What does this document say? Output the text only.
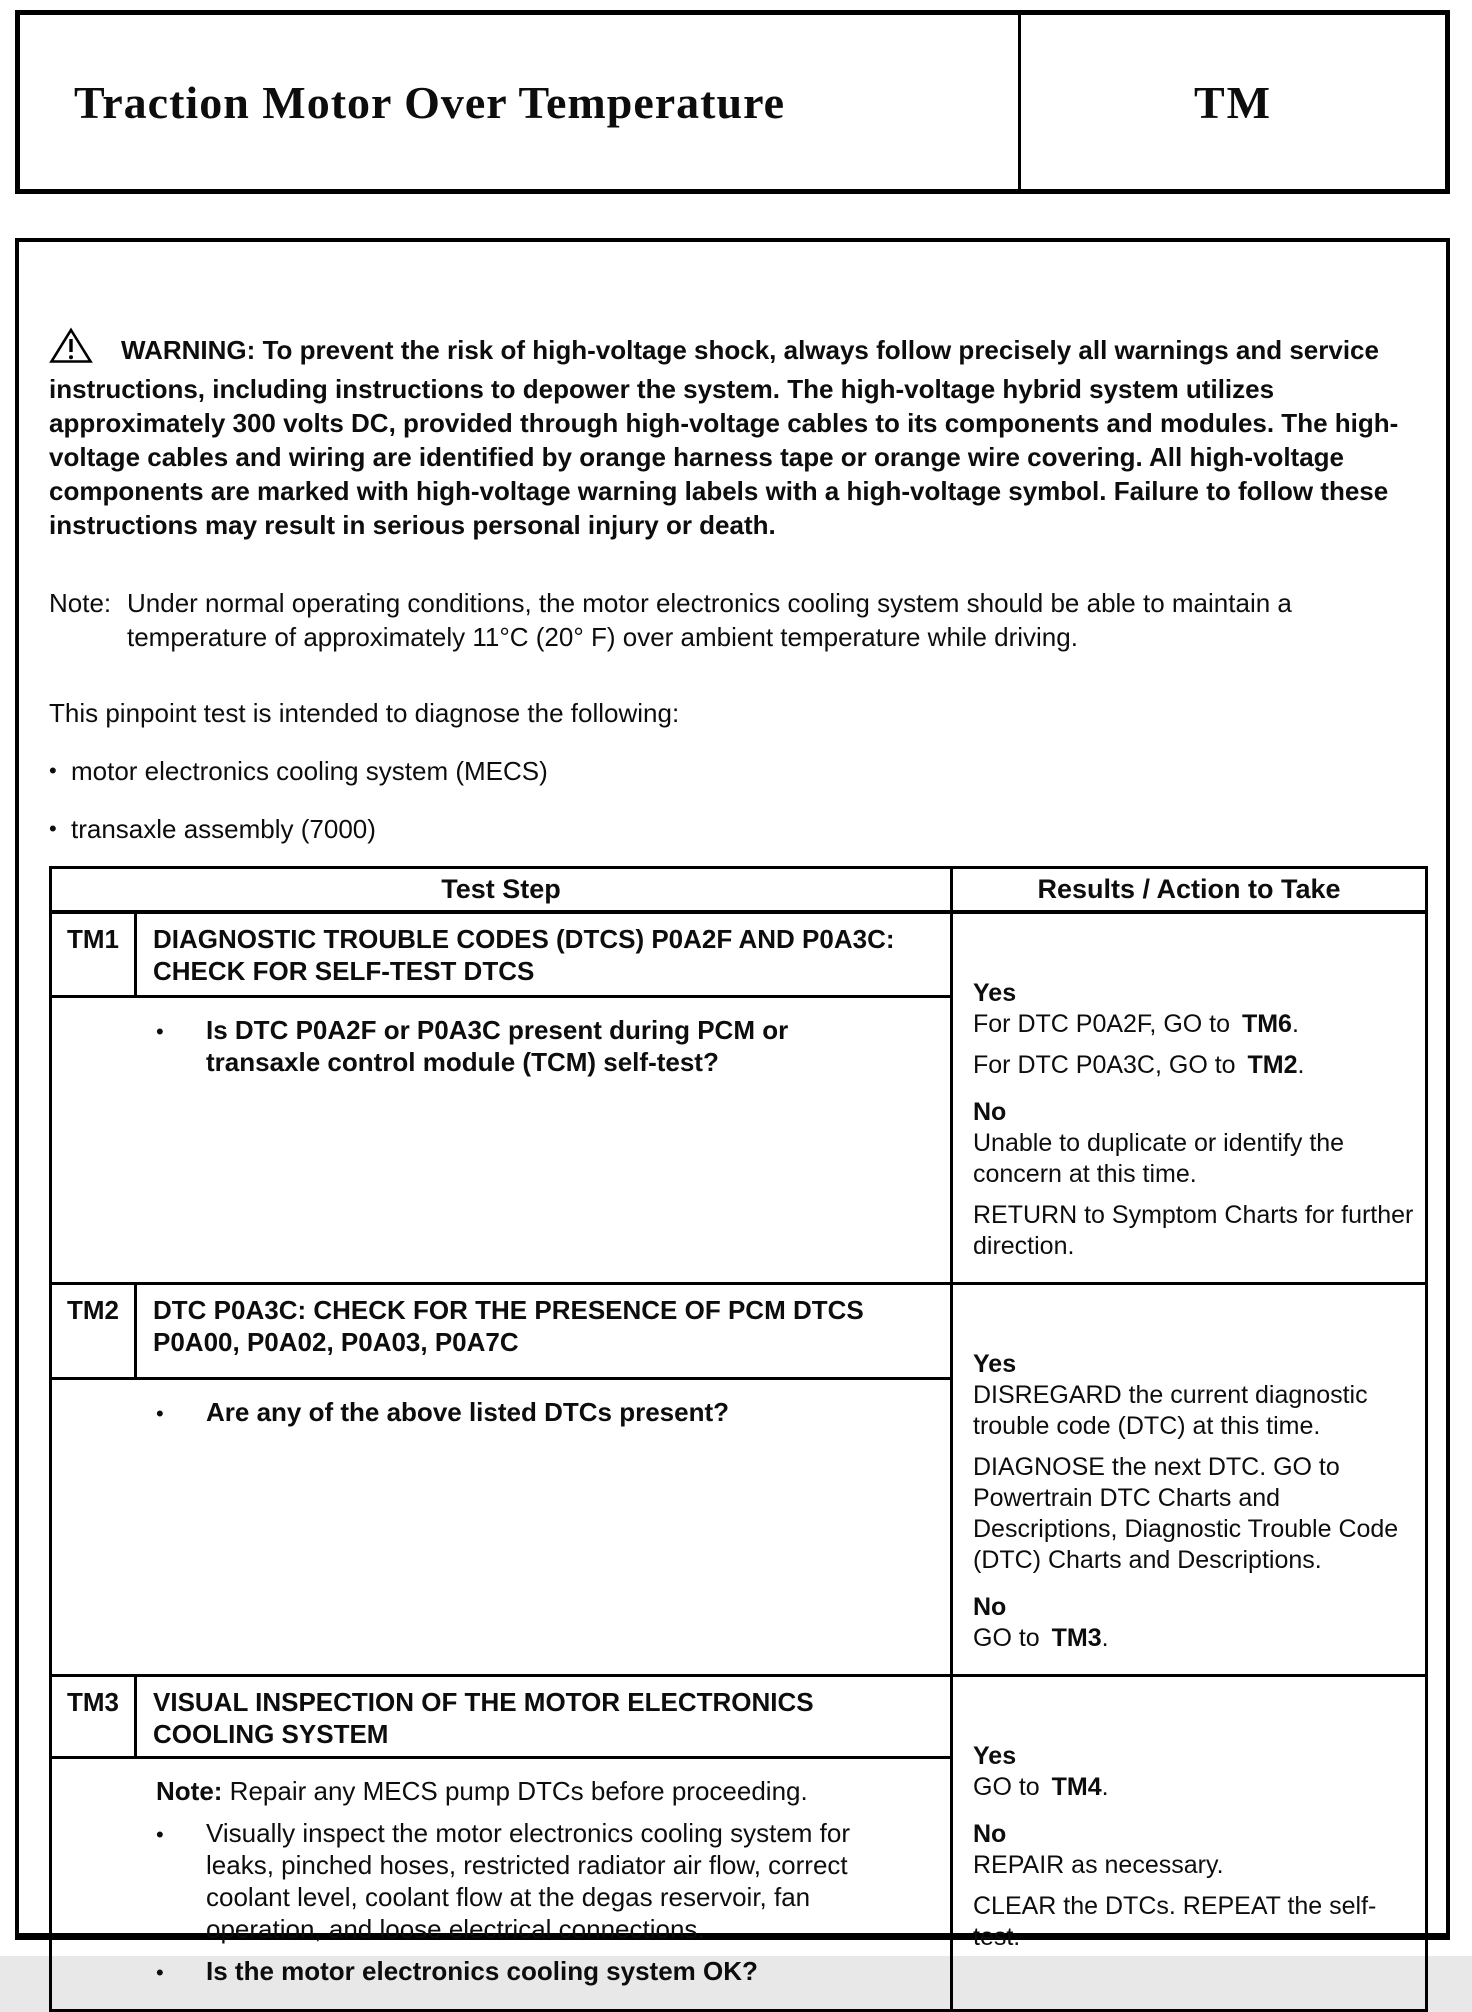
Traction Motor Over Temperature	TM

WARNING: To prevent the risk of high-voltage shock, always follow precisely all warnings and service instructions, including instructions to depower the system. The high-voltage hybrid system utilizes approximately 300 volts DC, provided through high-voltage cables to its components and modules. The high-voltage cables and wiring are identified by orange harness tape or orange wire covering. All high-voltage components are marked with high-voltage warning labels with a high-voltage symbol. Failure to follow these instructions may result in serious personal injury or death.

Note: Under normal operating conditions, the motor electronics cooling system should be able to maintain a temperature of approximately 11°C (20° F) over ambient temperature while driving.

This pinpoint test is intended to diagnose the following:

• motor electronics cooling system (MECS)
• transaxle assembly (7000)
Test Step		Results / Action to Take
TM1	DIAGNOSTIC TROUBLE CODES (DTCS) P0A2F AND P0A3C: CHECK FOR SELF-TEST DTCS	
Yes
For DTC P0A2F, GO to TM6.
For DTC P0A3C, GO to TM2.
No
Unable to duplicate or identify the concern at this time.
RETURN to Symptom Charts for further direction.

• Is DTC P0A2F or P0A3C present during PCM or transaxle control module (TCM) self-test?		

TM2	DTC P0A3C: CHECK FOR THE PRESENCE OF PCM DTCS P0A00, P0A02, P0A03, P0A7C	Yes
DISREGARD the current diagnostic trouble code (DTC) at this time.
DIAGNOSE the next DTC. GO to Powertrain DTC Charts and Descriptions, Diagnostic Trouble Code (DTC) Charts and Descriptions.
No
GO to TM3.

• Are any of the above listed DTCs present?		

TM3	VISUAL INSPECTION OF THE MOTOR ELECTRONICS COOLING SYSTEM	Yes
GO to TM4.
No
REPAIR as necessary.
CLEAR the DTCs. REPEAT the self-test.

Note: Repair any MECS pump DTCs before proceeding.
• Visually inspect the motor electronics cooling system for leaks, pinched hoses, restricted radiator air flow, correct coolant level, coolant flow at the degas reservoir, fan operation, and loose electrical connections.
• Is the motor electronics cooling system OK?		
